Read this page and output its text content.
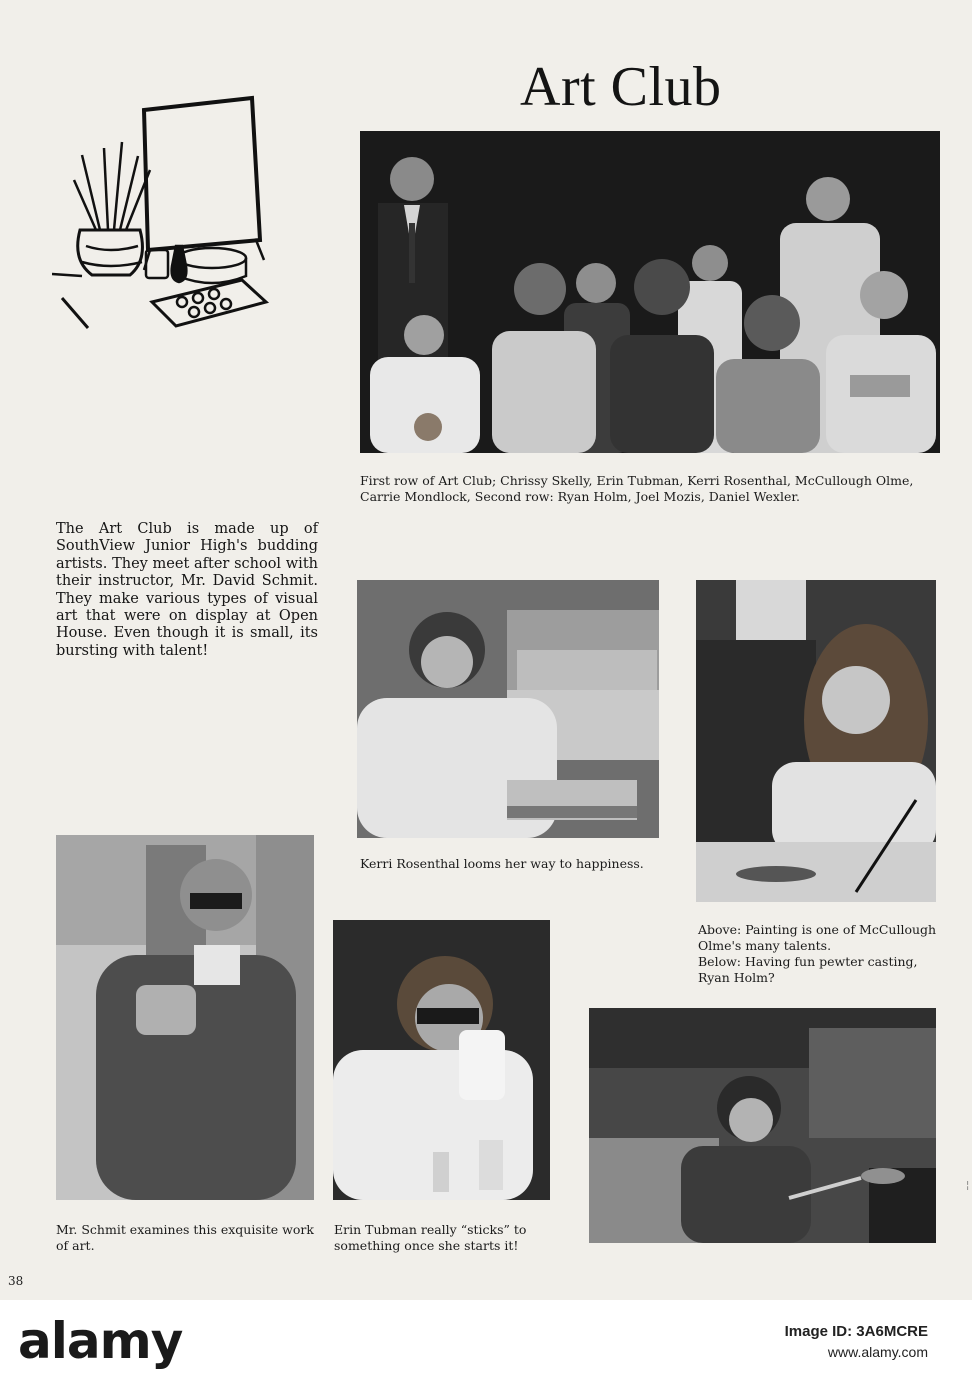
Art Club
First row of Art Club; Chrissy Skelly, Erin Tubman, Kerri Rosenthal, McCullough Olme, Carrie Mondlock, Second row: Ryan Holm, Joel Mozis, Daniel Wexler.
The Art Club is made up of SouthView Junior High's budding artists. They meet after school with their instructor, Mr. David Schmit. They make various types of visual art that were on display at Open House. Even though it is small, its bursting with talent!
Kerri Rosenthal looms her way to happiness.

Above: Painting is one of McCullough Olme's many talents.

Below: Having fun pewter casting, Ryan Holm?

Mr. Schmit examines this exquisite work of art.
Erin Tubman really “sticks” to something once she starts it!
38
¦
alamy	Image ID: 3A6MCRE
www.alamy.com
